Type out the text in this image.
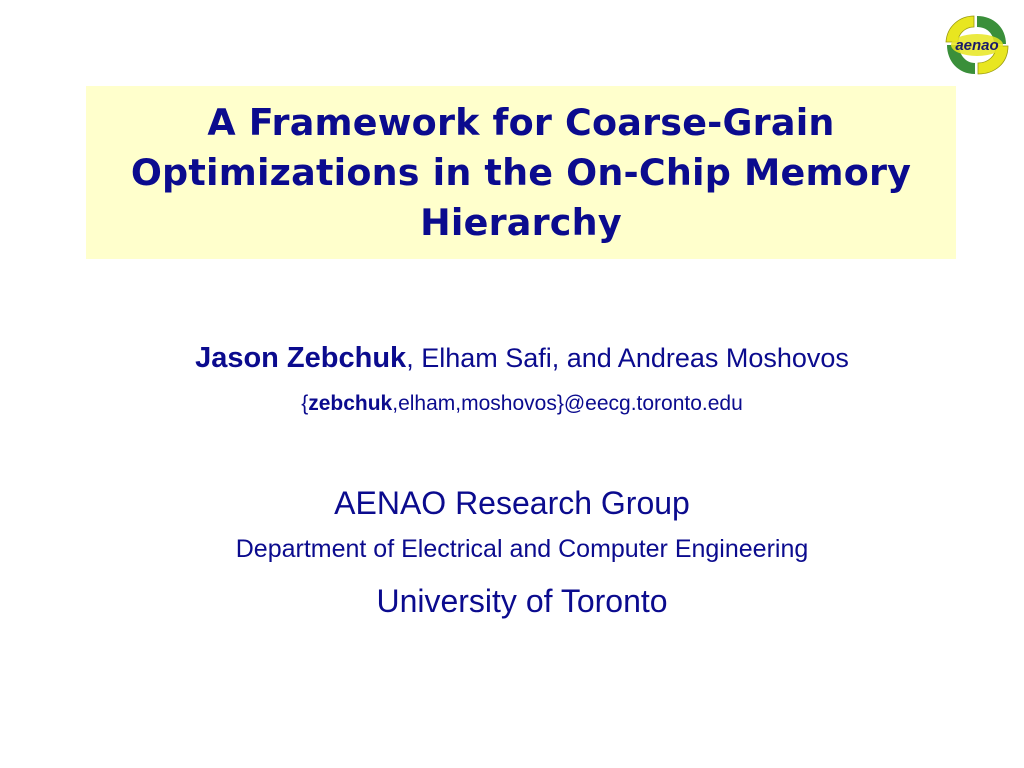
aenao
A Framework for Coarse-Grain Optimizations in the On-Chip Memory Hierarchy
Jason Zebchuk, Elham Safi, and Andreas Moshovos
{zebchuk,elham,moshovos}@eecg.toronto.edu
AENAO Research Group
Department of Electrical and Computer Engineering
University of Toronto
